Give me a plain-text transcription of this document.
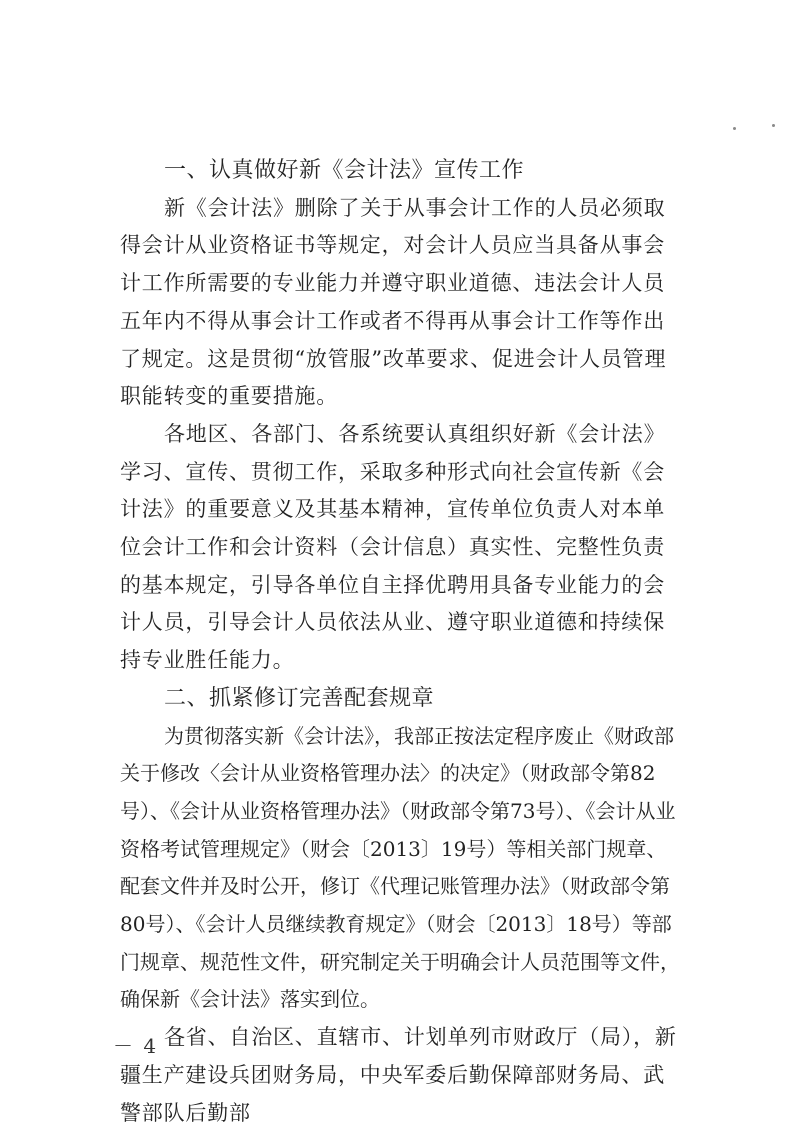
一、认真做好新《会计法》宣传工作

新《会计法》删除了关于从事会计工作的人员必须取得会计从业资格证书等规定，对会计人员应当具备从事会计工作所需要的专业能力并遵守职业道德、违法会计人员五年内不得从事会计工作或者不得再从事会计工作等作出了规定。这是贯彻“放管服”改革要求、促进会计人员管理职能转变的重要措施。

各地区、各部门、各系统要认真组织好新《会计法》学习、宣传、贯彻工作，采取多种形式向社会宣传新《会计法》的重要意义及其基本精神，宣传单位负责人对本单位会计工作和会计资料（会计信息）真实性、完整性负责的基本规定，引导各单位自主择优聘用具备专业能力的会计人员，引导会计人员依法从业、遵守职业道德和持续保持专业胜任能力。

二、抓紧修订完善配套规章

为贯彻落实新《会计法》，我部正按法定程序废止《财政部关于修改〈会计从业资格管理办法〉的决定》（财政部令第82号）、《会计从业资格管理办法》（财政部令第73号）、《会计从业资格考试管理规定》（财会〔2013〕19号）等相关部门规章、配套文件并及时公开，修订《代理记账管理办法》（财政部令第80号）、《会计人员继续教育规定》（财会〔2013〕18号）等部门规章、规范性文件，研究制定关于明确会计人员范围等文件，确保新《会计法》落实到位。

各省、自治区、直辖市、计划单列市财政厅（局），新疆生产建设兵团财务局，中央军委后勤保障部财务局、武警部队后勤部

－ 4 －
